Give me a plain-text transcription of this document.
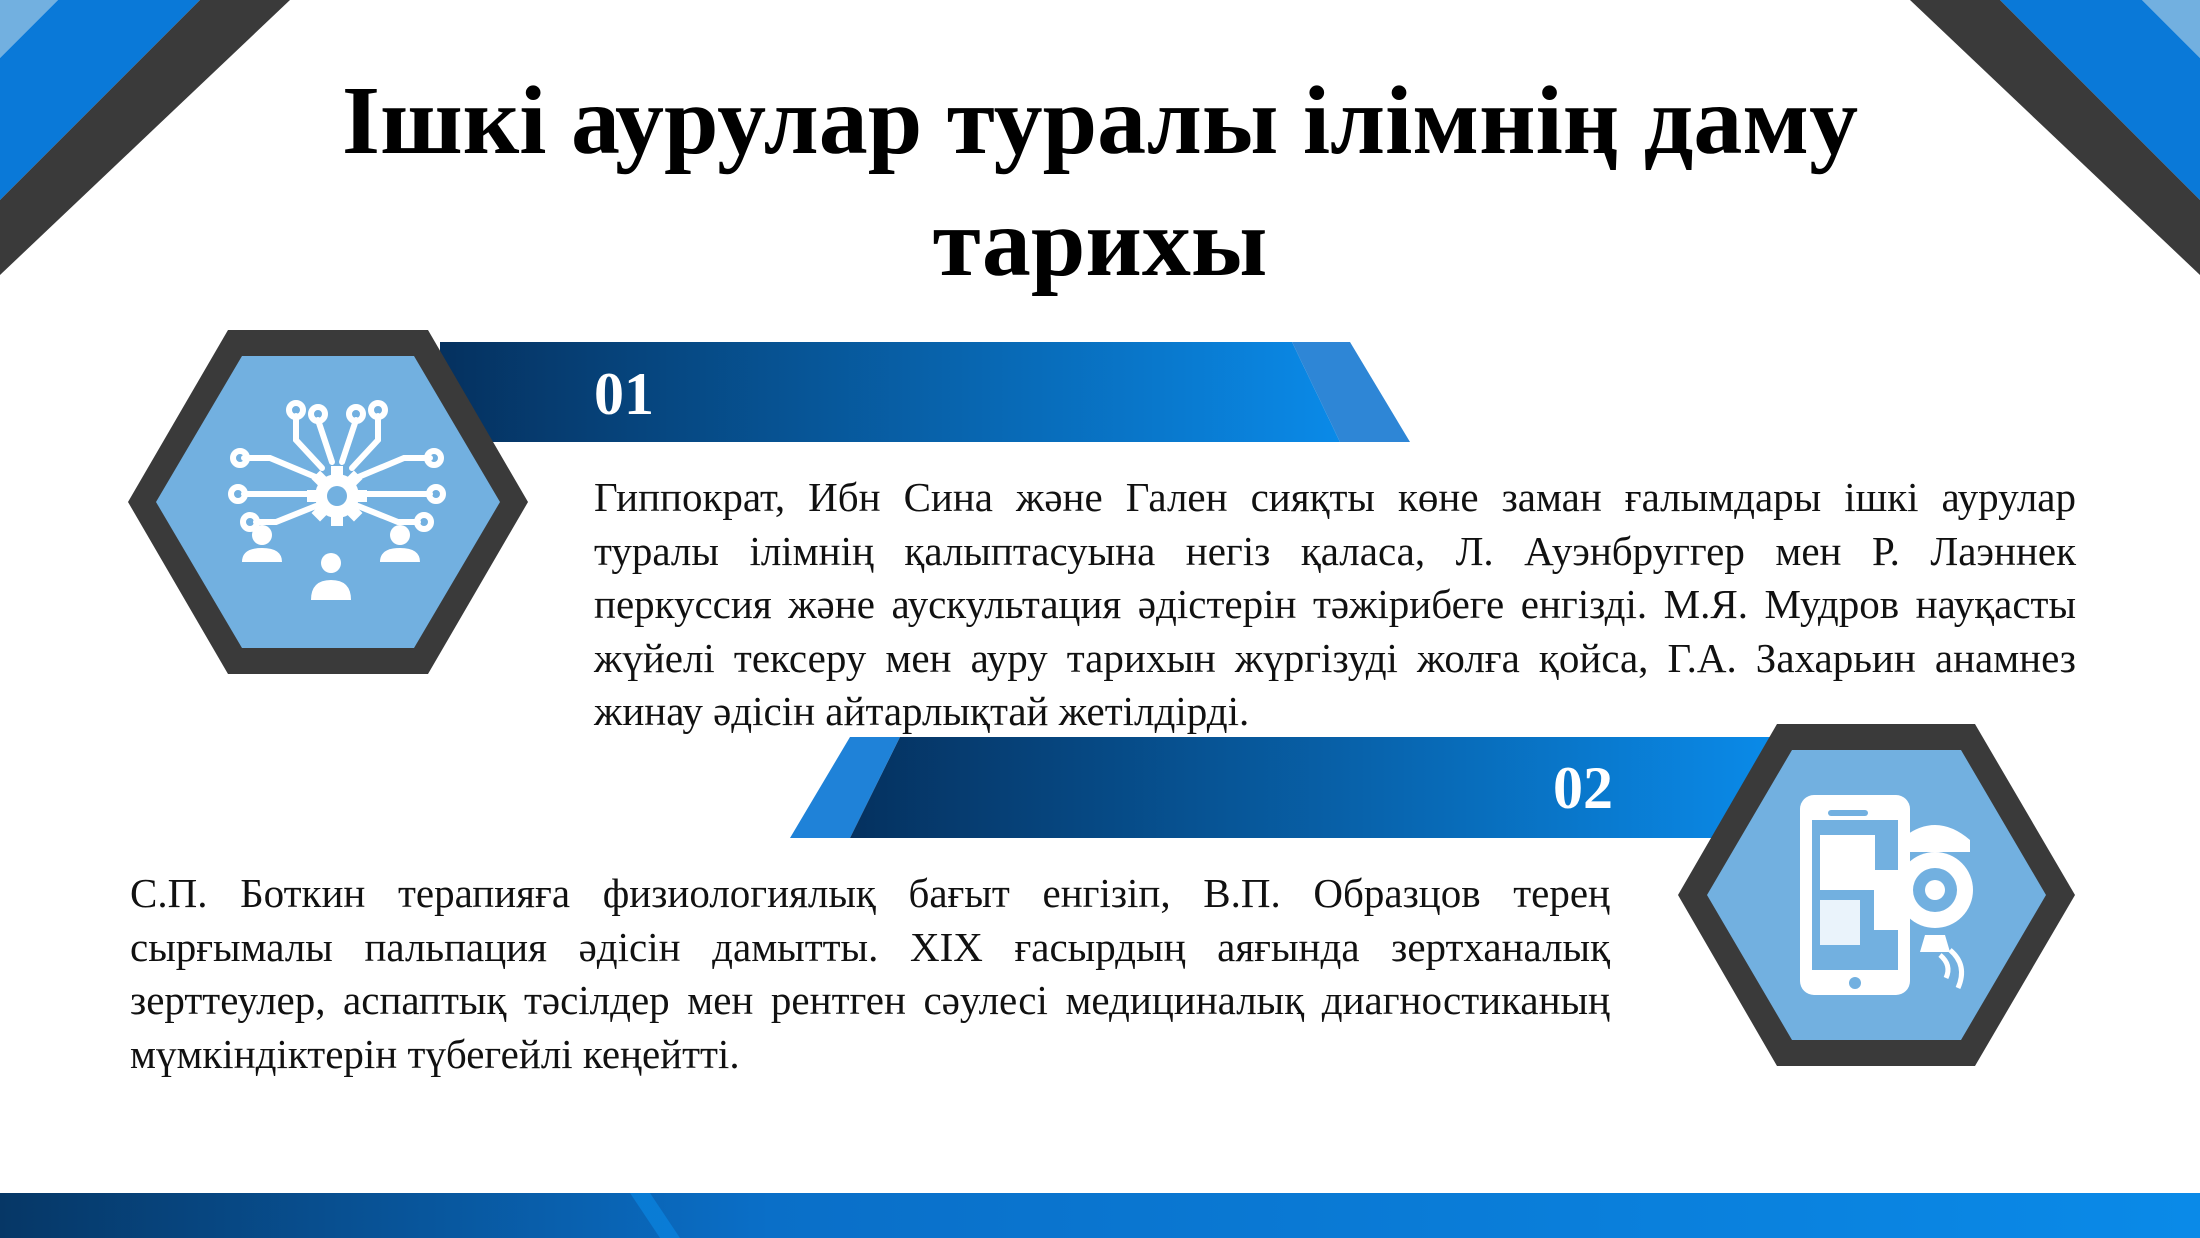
Ішкі аурулар туралы ілімнің даму тарихы
01

Гиппократ, Ибн Сина және Гален сияқты көне заман ғалымдары ішкі аурулар туралы ілімнің қалыптасуына негіз қаласа, Л. Ауэнбруггер мен Р. Лаэннек перкуссия және аускультация әдістерін тәжірибеге енгізді. М.Я. Мудров науқасты жүйелі тексеру мен ауру тарихын жүргізуді жолға қойса, Г.А. Захарьин анамнез жинау әдісін айтарлықтай жетілдірді.

02

С.П. Боткин терапияға физиологиялық бағыт енгізіп, В.П. Образцов терең сырғымалы пальпация әдісін дамытты. XIX ғасырдың аяғында зертханалық зерттеулер, аспаптық тәсілдер мен рентген сәулесі медициналық диагностиканың мүмкіндіктерін түбегейлі кеңейтті.
